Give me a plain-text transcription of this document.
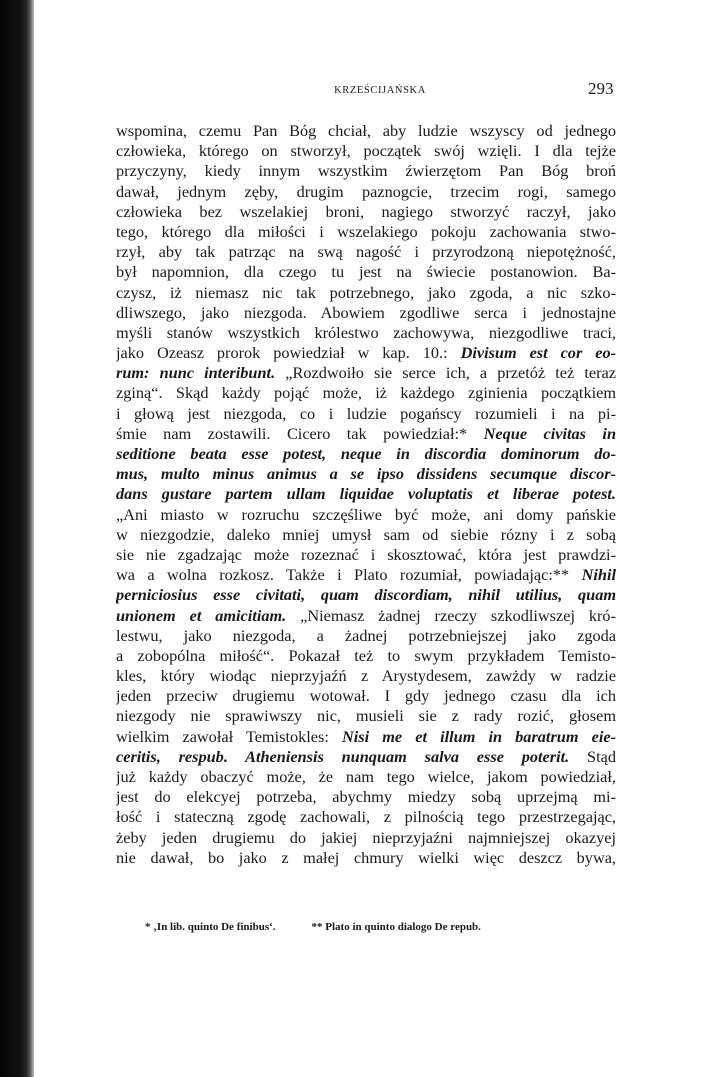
KRZEŚCIJAŃSKA	293
wspomina, czemu Pan Bóg chciał, aby ludzie wszyscy od jednego
człowieka, którego on stworzył, początek swój wzięli. I dla tejże
przyczyny, kiedy innym wszystkim źwierzętom Pan Bóg broń
dawał, jednym zęby, drugim paznogcie, trzecim rogi, samego
człowieka bez wszelakiej broni, nagiego stworzyć raczył, jako
tego, którego dla miłości i wszelakiego pokoju zachowania stwo-
rzył, aby tak patrząc na swą nagość i przyrodzoną niepotężność,
był napomnion, dla czego tu jest na świecie postanowion. Ba-
czysz, iż niemasz nic tak potrzebnego, jako zgoda, a nic szko-
dliwszego, jako niezgoda. Abowiem zgodliwe serca i jednostajne
myśli stanów wszystkich królestwo zachowywa, niezgodliwe traci,
jako Ozeasz prorok powiedział w kap. 10.: Divisum est cor eo-
rum: nunc interibunt. „Rozdwoiło sie serce ich, a przetóż też teraz
zginą“. Skąd każdy pojąć może, iż każdego zginienia początkiem
i głową jest niezgoda, co i ludzie pogańscy rozumieli i na pi-
śmie nam zostawili. Cicero tak powiedział:* Neque civitas in
seditione beata esse potest, neque in discordia dominorum do-
mus, multo minus animus a se ipso dissidens secumque discor-
dans gustare partem ullam liquidae voluptatis et liberae potest.
„Ani miasto w rozruchu szczęśliwe być może, ani domy pańskie
w niezgodzie, daleko mniej umysł sam od siebie rózny i z sobą
sie nie zgadzając może rozeznać i skosztować, która jest prawdzi-
wa a wolna rozkosz. Także i Plato rozumiał, powiadając:** Nihil
perniciosius esse civitati, quam discordiam, nihil utilius, quam
unionem et amicitiam. „Niemasz żadnej rzeczy szkodliwszej kró-
lestwu, jako niezgoda, a żadnej potrzebniejszej jako zgoda
a zobopólna miłość“. Pokazał też to swym przykładem Temisto-
kles, który wiodąc nieprzyjaźń z Arystydesem, zawżdy w radzie
jeden przeciw drugiemu wotował. I gdy jednego czasu dla ich
niezgody nie sprawiwszy nic, musieli sie z rady rozić, głosem
wielkim zawołał Temistokles: Nisi me et illum in baratrum eie-
ceritis, respub. Atheniensis nunquam salva esse poterit. Stąd
już każdy obaczyć może, że nam tego wielce, jakom powiedział,
jest do elekcyej potrzeba, abychmy miedzy sobą uprzejmą mi-
łość i stateczną zgodę zachowali, z pilnością tego przestrzegając,
żeby jeden drugiemu do jakiej nieprzyjaźni najmniejszej okazyej
nie dawał, bo jako z małej chmury wielki więc deszcz bywa,
* ‚In lib. quinto De finibus‘.	** Plato in quinto dialogo De repub.
